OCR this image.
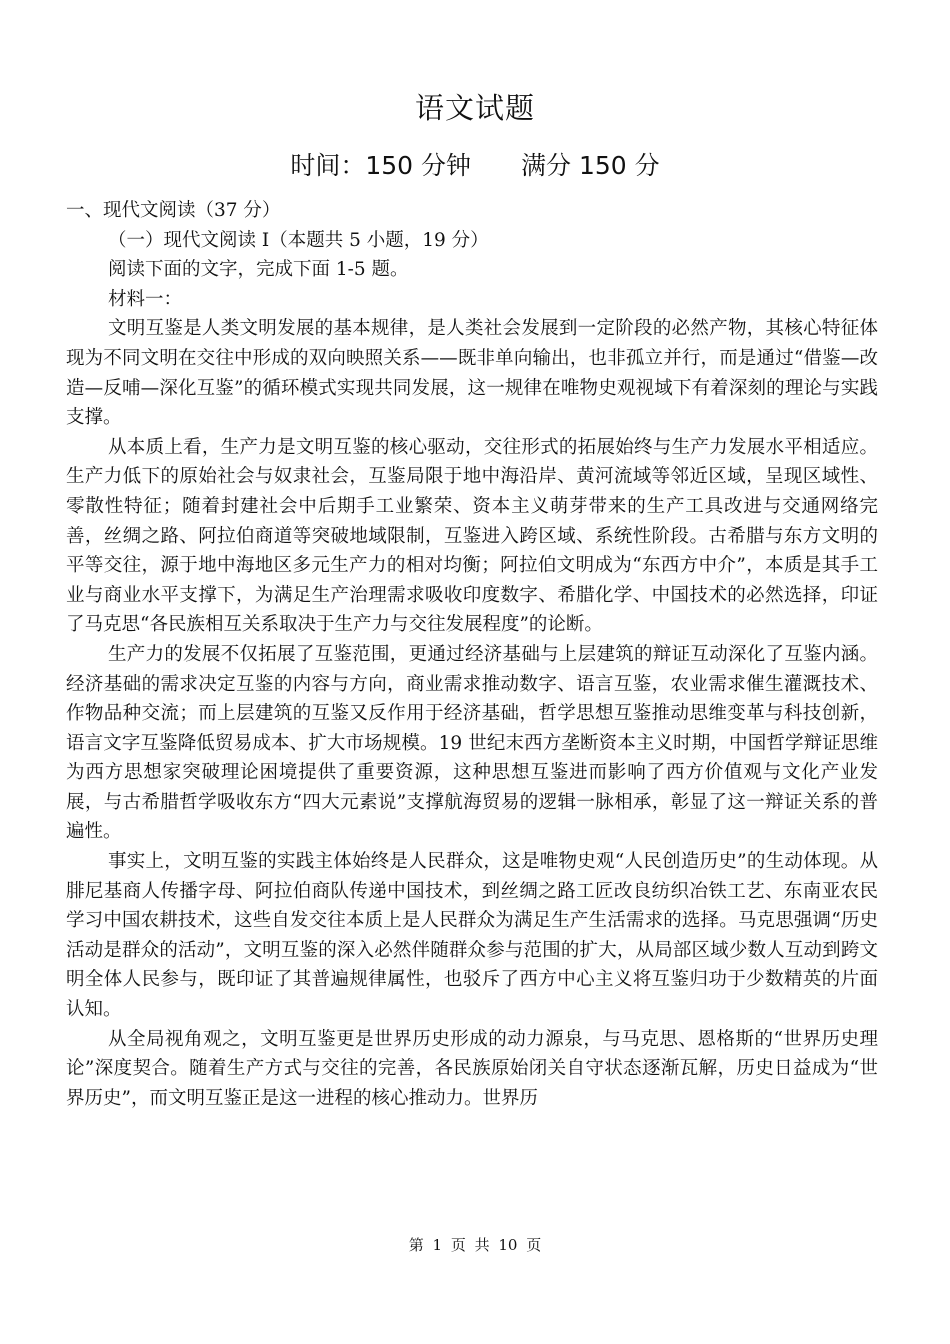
语文试题
时间：150 分钟 满分 150 分

一、现代文阅读（37 分）

（一）现代文阅读 I（本题共 5 小题，19 分）

阅读下面的文字，完成下面 1-5 题。

材料一：

文明互鉴是人类文明发展的基本规律，是人类社会发展到一定阶段的必然产物，其核心特征体现为不同文明在交往中形成的双向映照关系——既非单向输出，也非孤立并行，而是通过“借鉴—改造—反哺—深化互鉴”的循环模式实现共同发展，这一规律在唯物史观视域下有着深刻的理论与实践支撑。

从本质上看，生产力是文明互鉴的核心驱动，交往形式的拓展始终与生产力发展水平相适应。生产力低下的原始社会与奴隶社会，互鉴局限于地中海沿岸、黄河流域等邻近区域，呈现区域性、零散性特征；随着封建社会中后期手工业繁荣、资本主义萌芽带来的生产工具改进与交通网络完善，丝绸之路、阿拉伯商道等突破地域限制，互鉴进入跨区域、系统性阶段。古希腊与东方文明的平等交往，源于地中海地区多元生产力的相对均衡；阿拉伯文明成为“东西方中介”，本质是其手工业与商业水平支撑下，为满足生产治理需求吸收印度数字、希腊化学、中国技术的必然选择，印证了马克思“各民族相互关系取决于生产力与交往发展程度”的论断。

生产力的发展不仅拓展了互鉴范围，更通过经济基础与上层建筑的辩证互动深化了互鉴内涵。经济基础的需求决定互鉴的内容与方向，商业需求推动数字、语言互鉴，农业需求催生灌溉技术、作物品种交流；而上层建筑的互鉴又反作用于经济基础，哲学思想互鉴推动思维变革与科技创新，语言文字互鉴降低贸易成本、扩大市场规模。19 世纪末西方垄断资本主义时期，中国哲学辩证思维为西方思想家突破理论困境提供了重要资源，这种思想互鉴进而影响了西方价值观与文化产业发展，与古希腊哲学吸收东方“四大元素说”支撑航海贸易的逻辑一脉相承，彰显了这一辩证关系的普遍性。

事实上，文明互鉴的实践主体始终是人民群众，这是唯物史观“人民创造历史”的生动体现。从腓尼基商人传播字母、阿拉伯商队传递中国技术，到丝绸之路工匠改良纺织冶铁工艺、东南亚农民学习中国农耕技术，这些自发交往本质上是人民群众为满足生产生活需求的选择。马克思强调“历史活动是群众的活动”，文明互鉴的深入必然伴随群众参与范围的扩大，从局部区域少数人互动到跨文明全体人民参与，既印证了其普遍规律属性，也驳斥了西方中心主义将互鉴归功于少数精英的片面认知。

从全局视角观之，文明互鉴更是世界历史形成的动力源泉，与马克思、恩格斯的“世界历史理论”深度契合。随着生产方式与交往的完善，各民族原始闭关自守状态逐渐瓦解，历史日益成为“世界历史”，而文明互鉴正是这一进程的核心推动力。世界历

第 1 页 共 10 页
